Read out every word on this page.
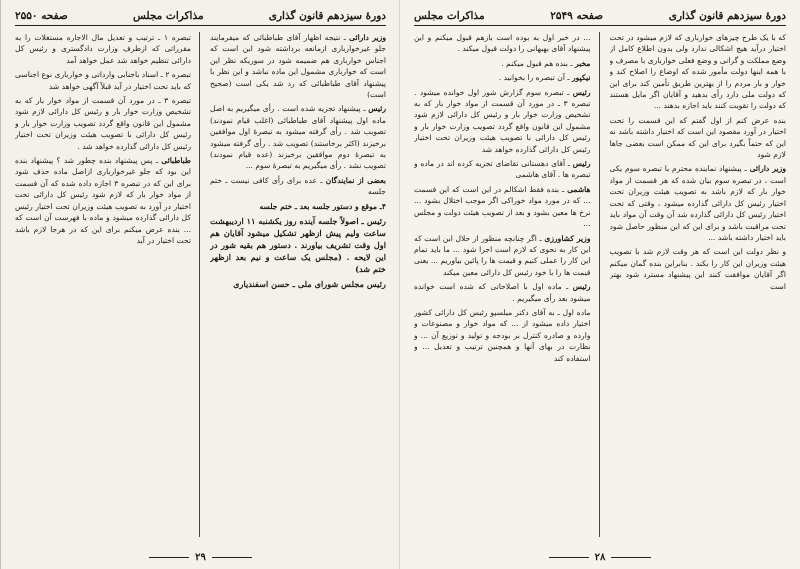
دورهٔ سیزدهم قانون گذاری
مذاکرات مجلس
صفحه ۲۵۵۰

وزیر دارائی ـ نتیجه اظهار آقای طباطبائی که میفرمایند جلو غیرخوارباری ازمانعه برداشته شود این است که اجناس خوارباری هم ضمیمه شود در سوریکه نظر این است که خوارباری مشمول این ماده نباشد و این نظر با پیشنهاد آقای طباطبائی که رد شد یکی است (صحیح است)

رئیس ـ پیشنهاد تجزیه شده است . رأی میگیریم به اصل ماده اول پیشنهاد آقای طباطبائی (اغلب قیام نمودند) تصویب شد . رأی گرفته میشود به تبصرهٔ اول موافقین برخیزند (اکثر برخاستند) تصویب شد . رأی گرفته میشود به تبصرهٔ دوم موافقین برخیزند (عده قیام نمودند) تصویب نشد . رأی میگیریم به تبصرهٔ سوم ...

بعضی از نمایندگان ـ عده برای رأی کافی نیست ـ ختم جلسه

۴ـ موقع و دستور جلسه بعد ـ ختم جلسه

رئیس ـ اصولاً جلسه آینده روز یکشنبه ۱۱ اردیبهشت ساعت ولیم پیش ازظهر تشکیل میشود آقایان هم اول وقت تشریف بیاورند . دستور هم بقیه شور در این لایحه . (مجلس یک ساعت و نیم بعد ازظهر ختم شد)

رئیس مجلس شورای ملی ـ حسن اسفندیاری

تبصره ۱ ـ ترتیب و تعدیل مال الاجاره مستغلات را به مقرراتی که ازطرف وزارت دادگستری و رئیس کل دارائی تنظیم خواهد شد عمل خواهد آمد

تبصره ۲ ـ اسناد باجنابی وارداتی و خوارباری نوع اجناسی که باید تحت اختیار در آید قبلاً آگهی خواهد شد

تبصره ۳ ـ در مورد آن قسمت از مواد خوار بار که به تشخیص وزارت خوار بار و رئیس کل دارائی لازم شود مشمول این قانون واقع گردد تصویب وزارت خوار بار و رئیس کل دارائی با تصویب هیئت وزیران تحت اختیار رئیس کل دارائی گذارده خواهد شد .

طباطبائی ـ پس پیشنهاد بنده چطور شد ؟ پیشنهاد بنده این بود که جلو غیرخوارباری ازاصل ماده حذف شود برای این که در تبصره ۳ اجازه داده شده که آن قسمت از مواد خوار بار که لازم شود رئیس کل دارائی تحت اختیار در آورد به تصویب هیئت وزیران تحت اختیار رئیس کل دارائی گذارده میشود و ماده با فهرست آن است که ... بنده عرض میکنم برای این که در هرجا لازم باشد تحت اختیار در آید

۲۹
دورهٔ سیزدهم قانون گذاری
صفحه ۲۵۴۹
مذاکرات مجلس

که با یک طرح چیزهای خوارباری که لازم میشود در تحت اختیار درآید هیچ اشکالی ندارد ولی بدون اطلاع کامل از وضع مملکت و گرانی و وضع فعلی خوارباری با مصرف و با همه اینها دولت مأمور شده که اوضاع را اصلاح کند و خوار و بار مردم را از بهترین طریق تأمین کند برای این که دولت ملی دارد رأی بدهید و آقایان اگر مایل هستند که دولت را تقویت کنند باید اجازه بدهند ...

بنده عرض کنم از اول گفتم که این قسمت را تحت اختیار در آورد مقصود این است که اختیار داشته باشد نه این که حتماً بگیرد برای این که ممکن است بعضی جاها لازم شود

وزیر دارائی ـ پیشنهاد نماینده محترم با تبصره سوم یکی است ، در تبصره سوم بیان شده که هر قسمت از مواد خوار بار که لازم باشد به تصویب هیئت وزیران تحت اختیار رئیس کل دارائی گذارده میشود ، وقتی که تحت اختیار رئیس کل دارائی گذارده شد آن وقت آن مواد باید تحت مراقبت باشد و برای این که این منظور حاصل شود باید اختیار داشته باشد ...

و نظر دولت این است که هر وقت لازم شد با تصویب هیئت وزیران این کار را بکند . بنابراین بنده گمان میکنم اگر آقایان موافقت کنند این پیشنهاد مسترد شود بهتر است

... در خبر اول به بوده است بازهم قبول میکنم و این پیشنهاد آقای بهبهانی را دولت قبول میکند .

مخبر ـ بنده هم قبول میکنم .

نیکپور ـ آن تبصره را بخوانید .

رئیس ـ تبصره سوم گزارش شور اول خوانده میشود . تبصره ۳ ـ در مورد آن قسمت از مواد خوار بار که به تشخیص وزارت خوار بار و رئیس کل دارائی لازم شود مشمول این قانون واقع گردد تصویب وزارت خوار بار و رئیس کل دارائی با تصویب هیئت وزیران تحت اختیار رئیس کل دارائی گذارده خواهد شد

رئیس ـ آقای دهستانی تقاضای تجزیه کرده اند در ماده و تبصره ها . آقای هاشمی

هاشمی ـ بنده فقط اشکالم در این است که این قسمت ... که در مورد مواد خوراکی اگر موجب اختلال بشود ... نرخ ها معین بشود و بعد از تصویب هیئت دولت و مجلس ...

وزیر کشاورزی ـ اگر چنانچه منظور از حلال این است که این کار به نحوی که لازم است اجرا شود ... ما باید تمام این کار را عملی کنیم و قیمت ها را پائین بیاوریم ... یعنی قیمت ها را با خود رئیس کل دارائی معین میکند

رئیس ـ ماده اول با اصلاحاتی که شده است خوانده میشود بعد رأی میگیریم .

ماده اول ـ به آقای دکتر میلسپو رئیس کل دارائی کشور اختیار داده میشود از ... که مواد خوار و مصنوعات و وارده و صادره کنترل بر بودجه و تولید و توزیع آن ... و نظارت در بهای آنها و همچنین ترتیب و تعدیل ... و استفاده کند

۲۸
